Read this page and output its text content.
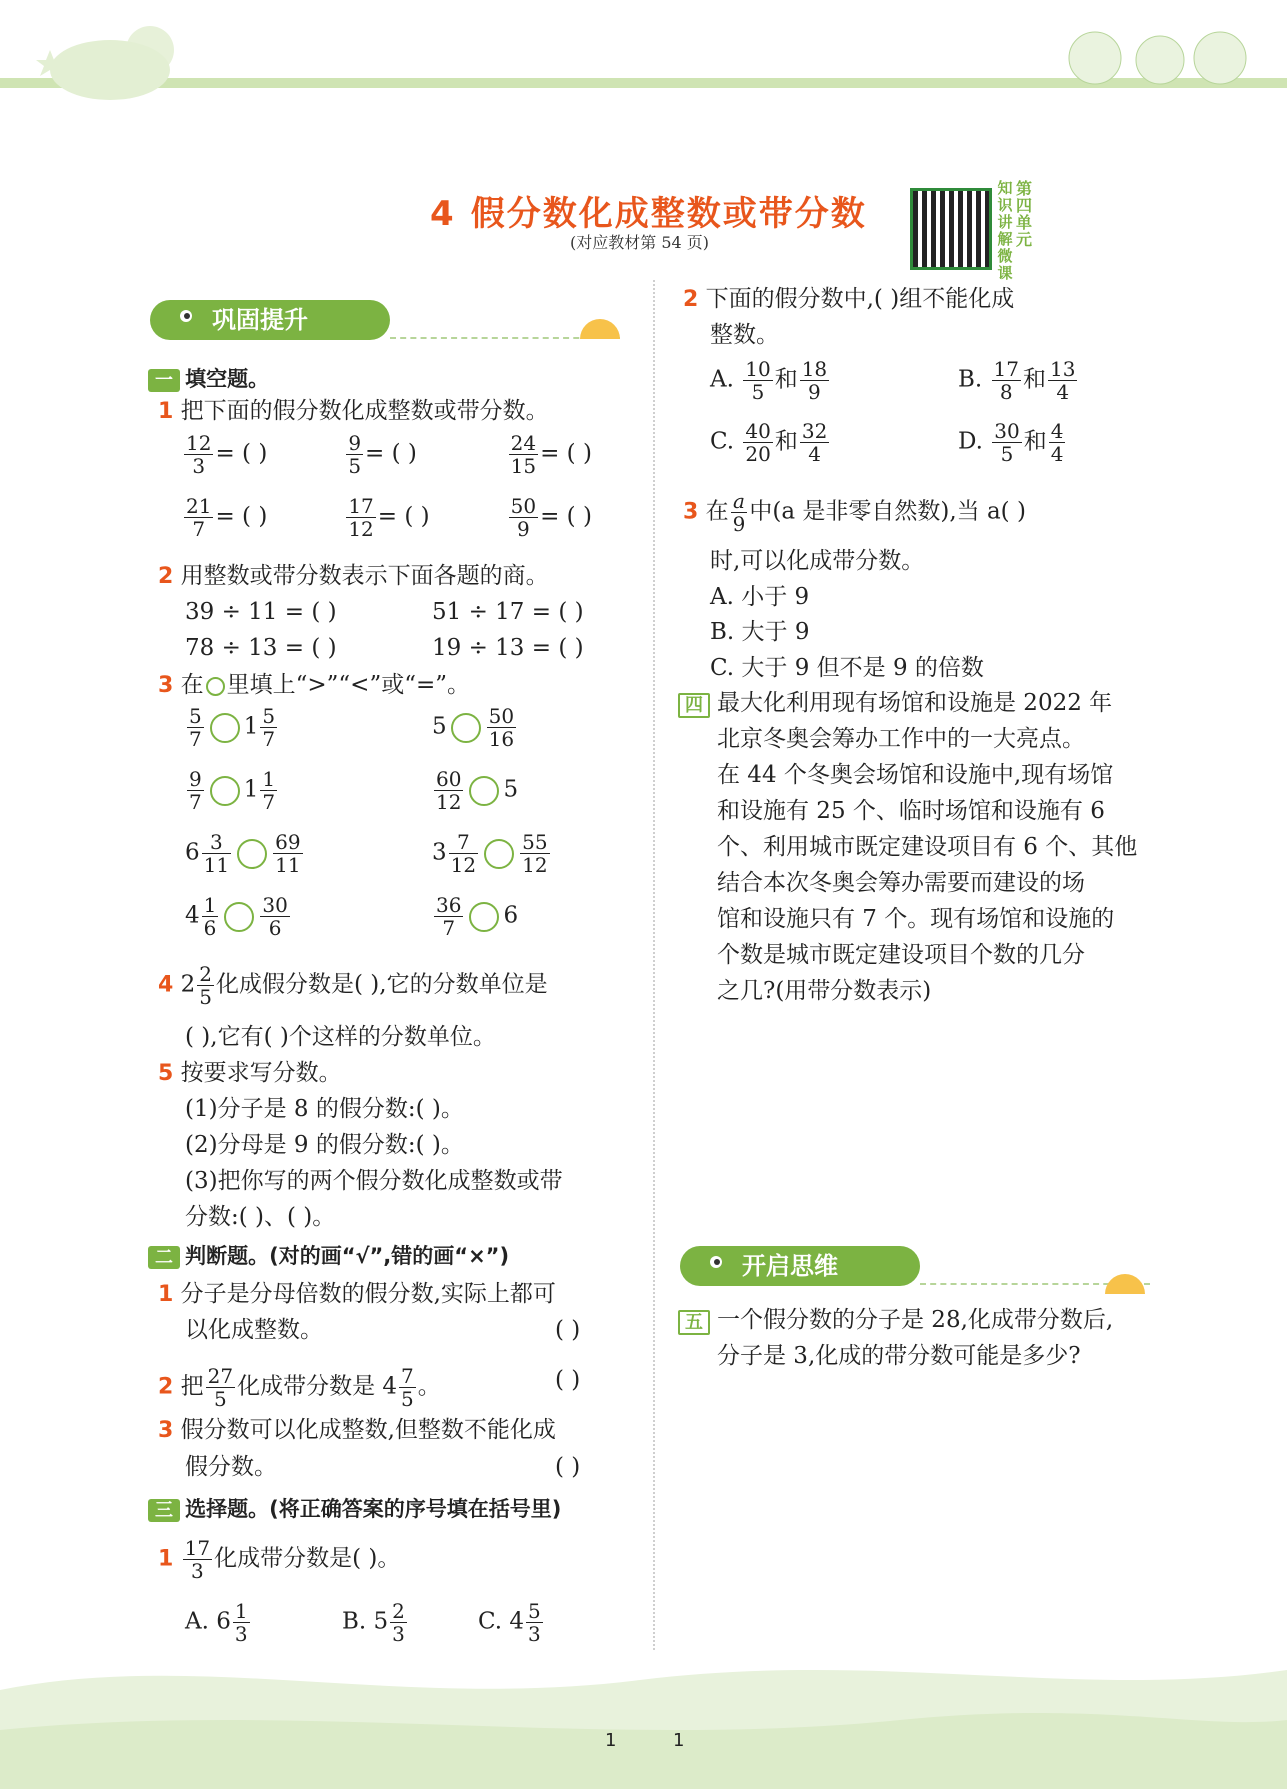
4 假分数化成整数或带分数
(对应教材第 54 页)
知识讲解微课
第四单元
巩固提升
一 填空题。
1 把下面的假分数化成整数或带分数。
$\frac{12}{3}$ = ( )	$\frac{9}{5}$ = ( )	$\frac{24}{15}$ = ( )
$\frac{21}{7}$ = ( )	$\frac{17}{12}$ = ( )	$\frac{50}{9}$ = ( )
2 用整数或带分数表示下面各题的商。
39 ÷ 11 = ( )	51 ÷ 17 = ( )
78 ÷ 13 = ( )	19 ÷ 13 = ( )
3 在 里填上“>”“<”或“=”。
$\frac{5}{7} 1 \frac{5}{7}$	$5 \frac{50}{16}$
$\frac{9}{7} 1 \frac{1}{7}$	$\frac{60}{12} 5$
$6 \frac{3}{11} \frac{69}{11}$	$3 \frac{7}{12} \frac{55}{12}$
$4 \frac{1}{6} \frac{30}{6}$	$\frac{36}{7} 6$
4 $2 \frac{2}{5}$ 化成假分数是( ),它的分数单位是
( ),它有( )个这样的分数单位。
5 按要求写分数。
(1)分子是 8 的假分数:( )。
(2)分母是 9 的假分数:( )。
(3)把你写的两个假分数化成整数或带
分数:( )、( )。
二 判断题。(对的画“√”,错的画“×”)
1 分子是分母倍数的假分数,实际上都可
以化成整数。	( )
2 把 $\frac{27}{5}$ 化成带分数是 $4 \frac{7}{5}$ 。	( )
3 假分数可以化成整数,但整数不能化成
假分数。	( )
三 选择题。(将正确答案的序号填在括号里)
$1 \frac{17}{3}$ 化成带分数是( )。
A. $6 \frac{1}{3}$	B. $5 \frac{2}{3}$	C. $4 \frac{5}{3}$
2 下面的假分数中,( )组不能化成
整数。
A. $\frac{10}{5}$ 和 $\frac{18}{9}$	B. $\frac{17}{8}$ 和 $\frac{13}{4}$
C. $\frac{40}{20}$ 和 $\frac{32}{4}$	D. $\frac{30}{5}$ 和 $\frac{4}{4}$
3 在 $\frac{a}{9}$ 中(a 是非零自然数),当 a( )
时,可以化成带分数。
A. 小于 9
B. 大于 9
C. 大于 9 但不是 9 的倍数
四 最大化利用现有场馆和设施是 2022 年
北京冬奥会筹办工作中的一大亮点。
在 44 个冬奥会场馆和设施中,现有场馆
和设施有 25 个、临时场馆和设施有 6
个、利用城市既定建设项目有 6 个、其他
结合本次冬奥会筹办需要而建设的场
馆和设施只有 7 个。现有场馆和设施的
个数是城市既定建设项目个数的几分
之几?(用带分数表示)
开启思维
五 一个假分数的分子是 28,化成带分数后,
分子是 3,化成的带分数可能是多少?
1	1
